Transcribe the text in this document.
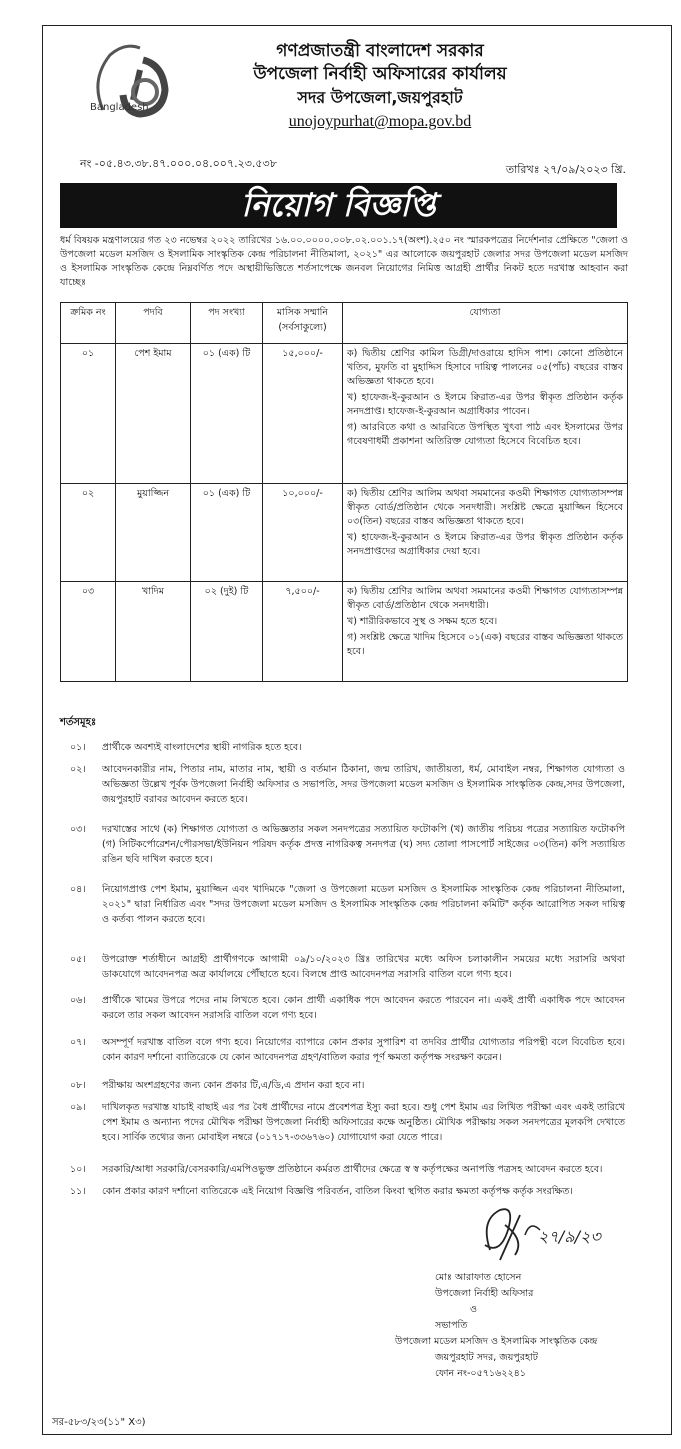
Bangladesh
গণপ্রজাতন্ত্রী বাংলাদেশ সরকার
উপজেলা নির্বাহী অফিসারের কার্যালয়
সদর উপজেলা,জয়পুরহাট
unojoypurhat@mopa.gov.bd
নং -০৫.৪৩.৩৮.৪৭.০০০.০৪.০০৭.২৩.৫৩৮	তারিখঃ ২৭/০৯/২০২৩ খ্রি.
নিয়োগ বিজ্ঞপ্তি
ধর্ম বিষয়ক মন্ত্রণালয়ের গত ২৩ নভেম্বর ২০২২ তারিখের ১৬.০০.০০০০.০০৮.০২.০০১.১৭(অংশ).২৫০ নং স্মারকপত্রের নির্দেশনার প্রেক্ষিতে "জেলা ও উপজেলা মডেল মসজিদ ও ইসলামিক সাংস্কৃতিক কেন্দ্র পরিচালনা নীতিমালা, ২০২১" এর আলোকে জয়পুরহাট জেলার সদর উপজেলা মডেল মসজিদ ও ইসলামিক সাংস্কৃতিক কেন্দ্রে নিম্নবর্ণিত পদে অস্থায়ীভিত্তিতে শর্তসাপেক্ষে জনবল নিয়োগের নিমিত্ত আগ্রহী প্রার্থীর নিকট হতে দরখাস্ত আহবান করা যাচ্ছেঃ
ক্রমিক নং	পদবি	পদ সংখ্যা	মাসিক সম্মানি (সর্বসাকুল্যে)	যোগ্যতা
০১	পেশ ইমাম	০১ (এক) টি	১৫,০০০/-	ক) দ্বিতীয় শ্রেণির কামিল ডিগ্রী/দাওরায়ে হাদিস পাশ। কোনো প্রতিষ্ঠানে খতিব, মুফতি বা মুহাদ্দিস হিসাবে দায়িত্ব পালনের ০৫(পাঁচ) বছরের বাস্তব অভিজ্ঞতা থাকতে হবে।
খ) হাফেজ-ই-কুরআন ও ইলমে ক্বিরাত-এর উপর স্বীকৃত প্রতিষ্ঠান কর্তৃক সনদপ্রাপ্ত। হাফেজ-ই-কুরআন অগ্রাধিকার পাবেন।
গ) আরবিতে কথা ও আরবিতে উপস্থিত খুৎবা পাঠ এবং ইসলামের উপর গবেষণাধর্মী প্রকাশনা অতিরিক্ত যোগ্যতা হিসেবে বিবেচিত হবে।

০২	মুয়াজ্জিন	০১ (এক) টি	১০,০০০/-	ক) দ্বিতীয় শ্রেণির আলিম অথবা সমমানের কওমী শিক্ষাগত যোগ্যতাসম্পন্ন স্বীকৃত বোর্ড/প্রতিষ্ঠান থেকে সনদধারী। সংশ্লিষ্ট ক্ষেত্রে মুয়াজ্জিন হিসেবে ০৩(তিন) বছরের বাস্তব অভিজ্ঞতা থাকতে হবে।
খ) হাফেজ-ই-কুরআন ও ইলমে ক্বিরাত-এর উপর স্বীকৃত প্রতিষ্ঠান কর্তৃক সনদপ্রাপ্তদের অগ্রাধিকার দেয়া হবে।

০৩	খাদিম	০২ (দুই) টি	৭,৫০০/-	ক) দ্বিতীয় শ্রেণির আলিম অথবা সমমানের কওমী শিক্ষাগত যোগ্যতাসম্পন্ন স্বীকৃত বোর্ড/প্রতিষ্ঠান থেকে সনদধারী।
খ) শারীরিকভাবে সুস্থ ও সক্ষম হতে হবে।
গ) সংশ্লিষ্ট ক্ষেত্রে খাদিম হিসেবে ০১(এক) বছরের বাস্তব অভিজ্ঞতা থাকতে হবে।
শর্তসমূহঃ
০১।	প্রার্থীকে অবশ্যই বাংলাদেশের স্থায়ী নাগরিক হতে হবে।
০২।	আবেদনকারীর নাম, পিতার নাম, মাতার নাম, স্থায়ী ও বর্তমান ঠিকানা, জন্ম তারিখ, জাতীয়তা, ধর্ম, মোবাইল নম্বর, শিক্ষাগত যোগ্যতা ও অভিজ্ঞতা উল্লেখ পূর্বক উপজেলা নির্বাহী অফিসার ও সভাপতি, সদর উপজেলা মডেল মসজিদ ও ইসলামিক সাংস্কৃতিক কেন্দ্র,সদর উপজেলা, জয়পুরহাট বরাবর আবেদন করতে হবে।
০৩।	দরখাস্তের সাথে (ক) শিক্ষাগত যোগ্যতা ও অভিজ্ঞতার সকল সনদপত্রের সত্যায়িত ফটোকপি (খ) জাতীয় পরিচয় পত্রের সত্যায়িত ফটোকপি (গ) সিটিকর্পোরেশন/পৌরসভা/ইউনিয়ন পরিষদ কর্তৃক প্রদত্ত নাগরিকত্ব সনদপত্র (ঘ) সদ্য তোলা পাসপোর্ট সাইজের ০৩(তিন) কপি সত্যায়িত রঙিন ছবি দাখিল করতে হবে।
০৪।	নিয়োগপ্রাপ্ত পেশ ইমাম, মুয়াজ্জিন এবং খাদিমকে "জেলা ও উপজেলা মডেল মসজিদ ও ইসলামিক সাংস্কৃতিক কেন্দ্র পরিচালনা নীতিমালা, ২০২১" দ্বারা নির্ধারিত এবং "সদর উপজেলা মডেল মসজিদ ও ইসলামিক সাংস্কৃতিক কেন্দ্র পরিচালনা কমিটি" কর্তৃক আরোপিত সকল দায়িত্ব ও কর্তব্য পালন করতে হবে।
০৫।	উপরোক্ত শর্তাধীনে আগ্রহী প্রার্থীগণকে আগামী ০৯/১০/২০২৩ খ্রিঃ তারিখের মধ্যে অফিস চলাকালীন সময়ের মধ্যে সরাসরি অথবা ডাকযোগে আবেদনপত্র অত্র কার্যালয়ে পৌঁছাতে হবে। বিলম্বে প্রাপ্ত আবেদনপত্র সরাসরি বাতিল বলে গণ্য হবে।
০৬।	প্রার্থীকে খামের উপরে পদের নাম লিখতে হবে। কোন প্রার্থী একাধিক পদে আবেদন করতে পারবেন না। একই প্রার্থী একাধিক পদে আবেদন করলে তার সকল আবেদন সরাসরি বাতিল বলে গণ্য হবে।
০৭।	অসম্পূর্ণ দরখাস্ত বাতিল বলে গণ্য হবে। নিয়োগের ব্যাপারে কোন প্রকার সুপারিশ বা তদবির প্রার্থীর যোগ্যতার পরিপন্থী বলে বিবেচিত হবে। কোন কারণ দর্শানো ব্যাতিরেকে যে কোন আবেদনপত্র গ্রহণ/বাতিল করার পূর্ণ ক্ষমতা কর্তৃপক্ষ সংরক্ষণ করেন।
০৮।	পরীক্ষায় অংশগ্রহণের জন্য কোন প্রকার টি,এ/ডি,এ প্রদান করা হবে না।
০৯।	দাখিলকৃত দরখাস্ত যাচাই বাছাই এর পর বৈধ প্রার্থীদের নামে প্রবেশপত্র ইস্যু করা হবে। শুধু পেশ ইমাম এর লিখিত পরীক্ষা এবং একই তারিখে পেশ ইমাম ও অন্যান্য পদের মৌখিক পরীক্ষা উপজেলা নির্বাহী অফিসারের কক্ষে অনুষ্ঠিত। মৌখিক পরীক্ষায় সকল সনদপত্রের মূলকপি দেখাতে হবে। সার্বিক তথ্যের জন্য মোবাইল নম্বরে (০১৭১৭-৩৩৬৭৬০) যোগাযোগ করা যেতে পারে।
১০।	সরকারি/আধা সরকারি/বেসরকারি/এমপিওভুক্ত প্রতিষ্ঠানে কর্মরত প্রার্থীদের ক্ষেত্রে স্ব স্ব কর্তৃপক্ষের অনাপত্তি পত্রসহ আবেদন করতে হবে।
১১।	কোন প্রকার কারণ দর্শানো ব্যতিরেকে এই নিয়োগ বিজ্ঞপ্তি পরিবর্তন, বাতিল কিংবা স্থগিত করার ক্ষমতা কর্তৃপক্ষ কর্তৃক সংরক্ষিত।
২৭/৯/২৩
মোঃ আরাফাত হোসেন
উপজেলা নির্বাহী অফিসার
ও
সভাপতি
উপজেলা মডেল মসজিদ ও ইসলামিক সাংস্কৃতিক কেন্দ্র
জয়পুরহাট সদর, জয়পুরহাট
ফোন নং-০৫৭১৬২২৪১
সর-৫৮৩/২৩(১১" X৩)
